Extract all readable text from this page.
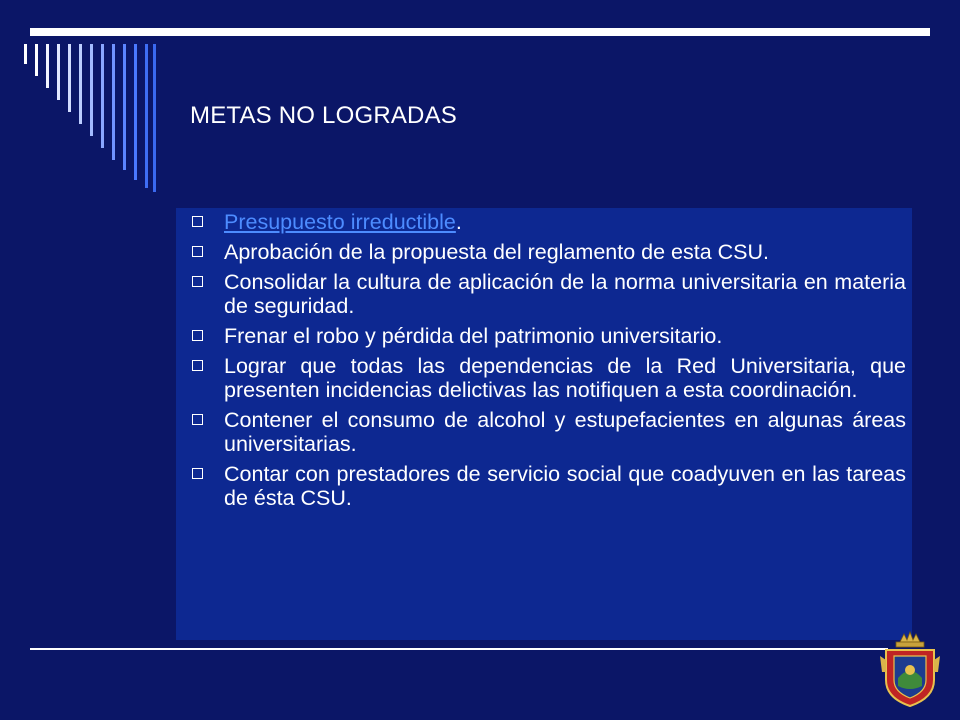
METAS NO LOGRADAS
Presupuesto irreductible.
Aprobación de la propuesta del reglamento de esta CSU.
Consolidar la cultura de aplicación de la norma universitaria en materia de seguridad.
Frenar el robo y pérdida del patrimonio universitario.
Lograr que todas las dependencias de la Red Universitaria, que presenten incidencias delictivas las notifiquen a esta coordinación.
Contener el consumo de alcohol y estupefacientes en algunas áreas universitarias.
Contar con prestadores de servicio social que coadyuven en las tareas de ésta CSU.
